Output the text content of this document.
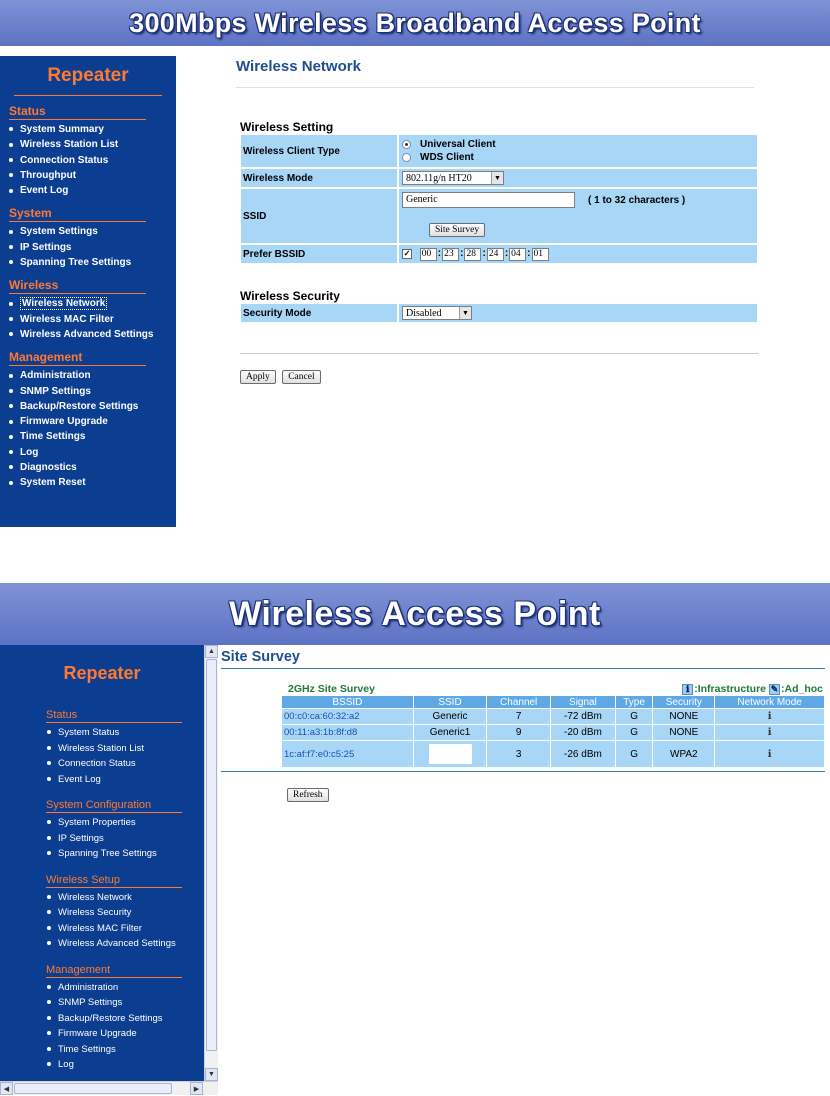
300Mbps Wireless Broadband Access Point
Repeater
Status
System Summary
Wireless Station List
Connection Status
Throughput
Event Log
System
System Settings
IP Settings
Spanning Tree Settings
Wireless
Wireless Network
Wireless MAC Filter
Wireless Advanced Settings
Management
Administration
SNMP Settings
Backup/Restore Settings
Firmware Upgrade
Time Settings
Log
Diagnostics
System Reset
Wireless Network
Wireless Setting
Wireless Client Type	Universal Client
WDS Client

Wireless Mode	802.11g/n HT20 ▼

SSID	Generic ( 1 to 32 characters )
Site Survey

Prefer BSSID	✓ 00 : 23 : 28 : 24 : 04 : 01
Wireless Security
Security Mode	Disabled	▼
Apply Cancel
Wireless Access Point
Repeater
Status
System Status
Wireless Station List
Connection Status
Event Log
System Configuration
System Properties
IP Settings
Spanning Tree Settings
Wireless Setup
Wireless Network
Wireless Security
Wireless MAC Filter
Wireless Advanced Settings
Management
Administration
SNMP Settings
Backup/Restore Settings
Firmware Upgrade
Time Settings
Log
▲
▼
◀	▶
Site Survey
2GHz Site Survey	ℹ :Infrastructure ✎ :Ad_hoc
BSSID	SSID	Channel	Signal	Type	Security	Network Mode
00:c0:ca:60:32:a2	Generic	7	-72 dBm	G	NONE	ℹ
00:11:a3:1b:8f:d8	Generic1	9	-20 dBm	G	NONE	ℹ
1c:af:f7:e0:c5:25		3	-26 dBm	G	WPA2	ℹ
Refresh
